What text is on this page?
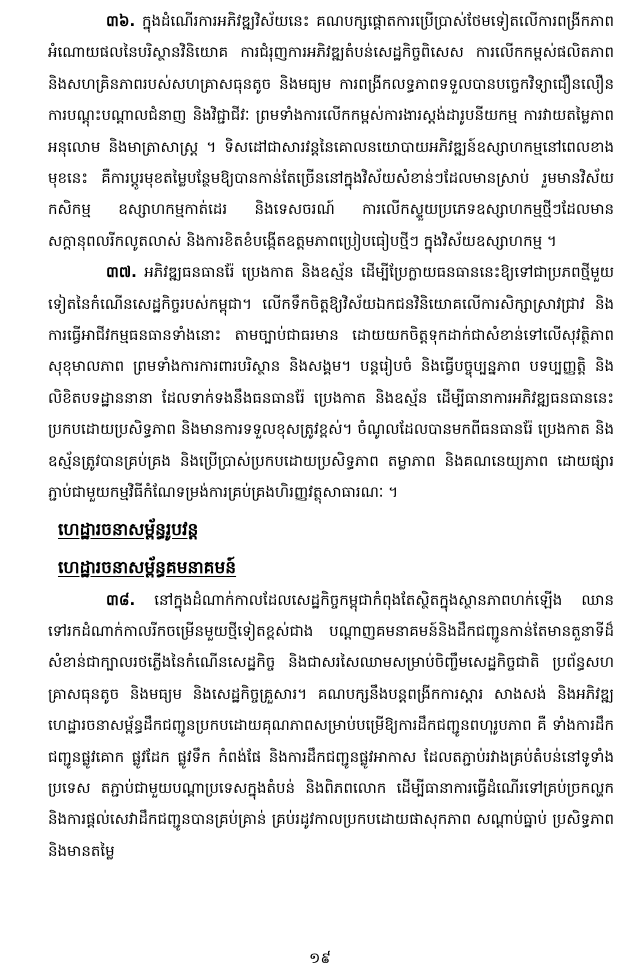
៣៦. ក្នុងដំណើរការអភិវឌ្ឍវិស័យនេះ គណបក្សផ្តោតការប្រើប្រាស់ថែមទៀតលើការពង្រីកភាពអំណោយផលនៃបរិស្ថានវិនិយោគ ការជំរុញការអភិវឌ្ឍតំបន់សេដ្ឋកិច្ចពិសេស ការលើកកម្ពស់ផលិតភាព និងសហគ្រិនភាពរបស់សហគ្រាសធុនតូច និងមធ្យម ការពង្រីកលទ្ធភាពទទួលបានបច្ចេកវិទ្យាជឿនលឿន ការបណ្តុះបណ្តាលជំនាញ និងវិជ្ជាជីវៈ ព្រមទាំងការលើកកម្ពស់ការងារស្តង់ដារូបនីយកម្ម ការវាយតម្លៃភាពអនុលោម និងមាត្រាសាស្ត្រ ។ ទិសដៅជាសារវន្តនៃគោលនយោបាយអភិវឌ្ឍន៍ឧស្សាហកម្មនៅពេលខាងមុខនេះ គឺការប្តូរមុខតម្លៃបន្ថែមឱ្យបានកាន់តែច្រើននៅក្នុងវិស័យសំខាន់ៗដែលមានស្រាប់ រួមមានវិស័យកសិកម្ម ឧស្សាហកម្មកាត់ដេរ និងទេសចរណ៍ ការលើកស្ទួយប្រភេទឧស្សាហកម្មថ្មីៗដែលមានសក្តានុពលរីកលូតលាស់ និងការខិតខំបង្កើតឧត្តមភាពប្រៀបធៀបថ្មីៗ ក្នុងវិស័យឧស្សាហកម្ម ។

៣៧. អភិវឌ្ឍធនធានរ៉ែ ប្រេងកាត និងឧស្ម័ន ដើម្បីប្រែក្លាយធនធាននេះឱ្យទៅជាប្រភពថ្មីមួយទៀតនៃកំណើនសេដ្ឋកិច្ចរបស់កម្ពុជា។ លើកទឹកចិត្តឱ្យវិស័យឯកជនវិនិយោគលើការសិក្សាស្រាវជ្រាវ និងការធ្វើអាជីវកម្មធនធានទាំងនោះ តាមច្បាប់ជាធរមាន ដោយយកចិត្តទុកដាក់ជាសំខាន់ទៅលើសុវត្ថិភាព សុខុមាលភាព ព្រមទាំងការការពារបរិស្ថាន និងសង្គម។ បន្តរៀបចំ និងធ្វើបច្ចុប្បន្នភាព បទប្បញ្ញត្តិ និងលិខិតបទដ្ឋាននានា ដែលទាក់ទងនឹងធនធានរ៉ែ ប្រេងកាត និងឧស្ម័ន ដើម្បីធានាការអភិវឌ្ឍធនធាននេះប្រកបដោយប្រសិទ្ធភាព និងមានការទទួលខុសត្រូវខ្ពស់។ ចំណូលដែលបានមកពីធនធានរ៉ែ ប្រេងកាត និងឧស្ម័នត្រូវបានគ្រប់គ្រង និងប្រើប្រាស់ប្រកបដោយប្រសិទ្ធភាព តម្លាភាព និងគណនេយ្យភាព ដោយផ្សារភ្ជាប់ជាមួយកម្មវិធីកំណែទម្រង់ការគ្រប់គ្រងហិរញ្ញវត្ថុសាធារណៈ ។

ហេដ្ឋារចនាសម្ព័ន្ធរូបវន្ត
ហេដ្ឋារចនាសម្ព័ន្ធគមនាគមន៍

៣៨. នៅក្នុងដំណាក់កាលដែលសេដ្ឋកិច្ចកម្ពុជាកំពុងតែស្ថិតក្នុងស្ថានភាពហក់ឡើង ឈានទៅរកដំណាក់កាលរីកចម្រើនមួយថ្មីទៀតខ្ពស់ជាង បណ្តាញគមនាគមន៍និងដឹកជញ្ជូនកាន់តែមានតួនាទីដ៏សំខាន់ជាក្បាលរថភ្លើងនៃកំណើនសេដ្ឋកិច្ច និងជាសរសៃឈាមសម្រាប់ចិញ្ចឹមសេដ្ឋកិច្ចជាតិ ប្រព័ន្ធសហគ្រាសធុនតូច និងមធ្យម និងសេដ្ឋកិច្ចគ្រួសារ។ គណបក្សនឹងបន្តពង្រីកការស្តារ សាងសង់ និងអភិវឌ្ឍហេដ្ឋារចនាសម្ព័ន្ធដឹកជញ្ជូនប្រកបដោយគុណភាពសម្រាប់បម្រើឱ្យការដឹកជញ្ជូនពហុរូបភាព គឺ ទាំងការដឹកជញ្ជូនផ្លូវគោក ផ្លូវដែក ផ្លូវទឹក កំពង់ផែ និងការដឹកជញ្ជូនផ្លូវអាកាស ដែលតភ្ជាប់រវាងគ្រប់តំបន់នៅទូទាំងប្រទេស តភ្ជាប់ជាមួយបណ្តាប្រទេសក្នុងតំបន់ និងពិភពលោក ដើម្បីធានាការធ្វើដំណើរទៅគ្រប់ច្រកល្ហក និងការផ្តល់សេវាដឹកជញ្ជូនបានគ្រប់គ្រាន់ គ្រប់រដូវកាលប្រកបដោយផាសុកភាព សណ្តាប់ធ្នាប់ ប្រសិទ្ធភាព និងមានតម្លៃ

១៩
